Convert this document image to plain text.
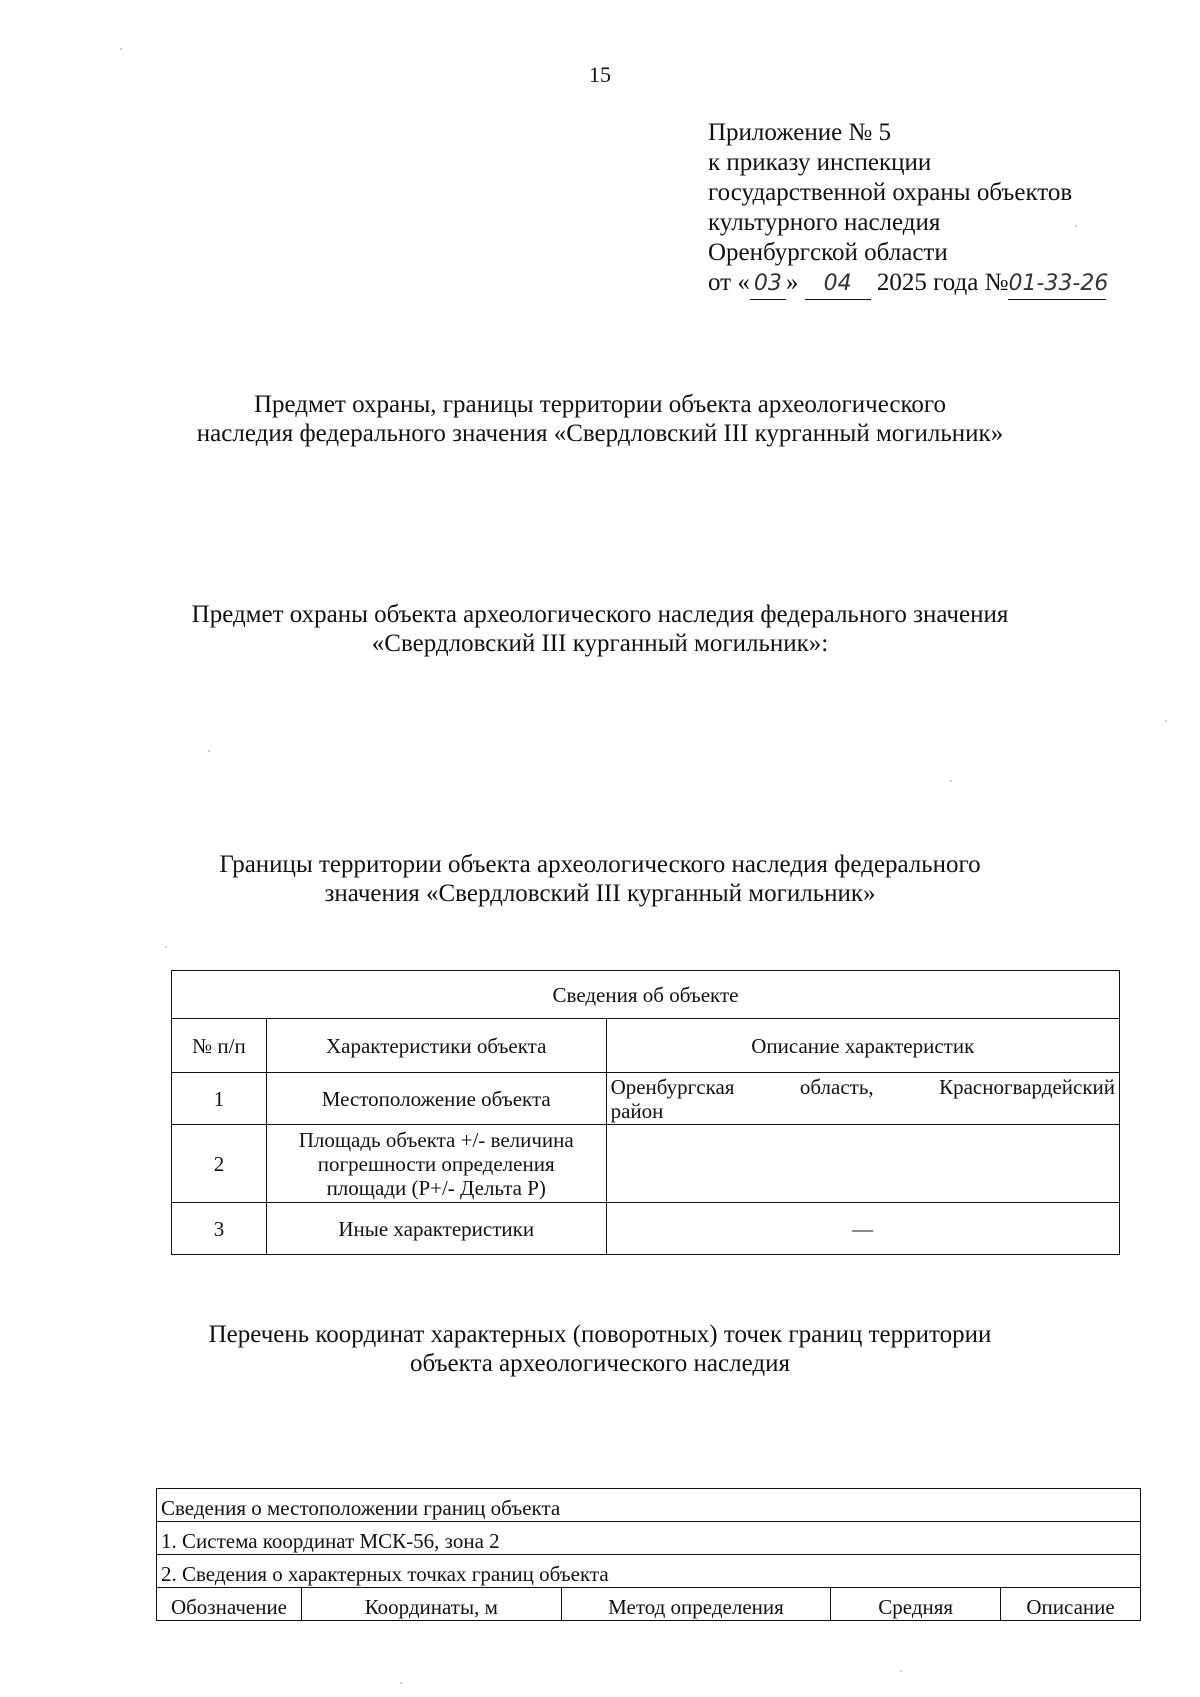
15
Приложение № 5
к приказу инспекции
государственной охраны объектов
культурного наследия
Оренбургской области
от « 03 » 04 2025 года №01-33-26
Предмет охраны, границы территории объекта археологического
наследия федерального значения «Свердловский III курганный могильник»
Предмет охраны объекта археологического наследия федерального значения
«Свердловский III курганный могильник»:
Границы территории объекта археологического наследия федерального
значения «Свердловский III курганный могильник»
Сведения об объекте		
№ п/п	Характеристики объекта	Описание характеристик
1	Местоположение объекта	Оренбургская область, Красногвардейский
район

2	Площадь объекта +/- величина
погрешности определения
площади (P+/- Дельта P)	

3	Иные характеристики	—
Перечень координат характерных (поворотных) точек границ территории
объекта археологического наследия
Сведения о местоположении границ объекта
1. Система координат МСК-56, зона 2
2. Сведения о характерных точках границ объекта
Обозначение	Координаты, м	Метод определения	Средняя	Описание
